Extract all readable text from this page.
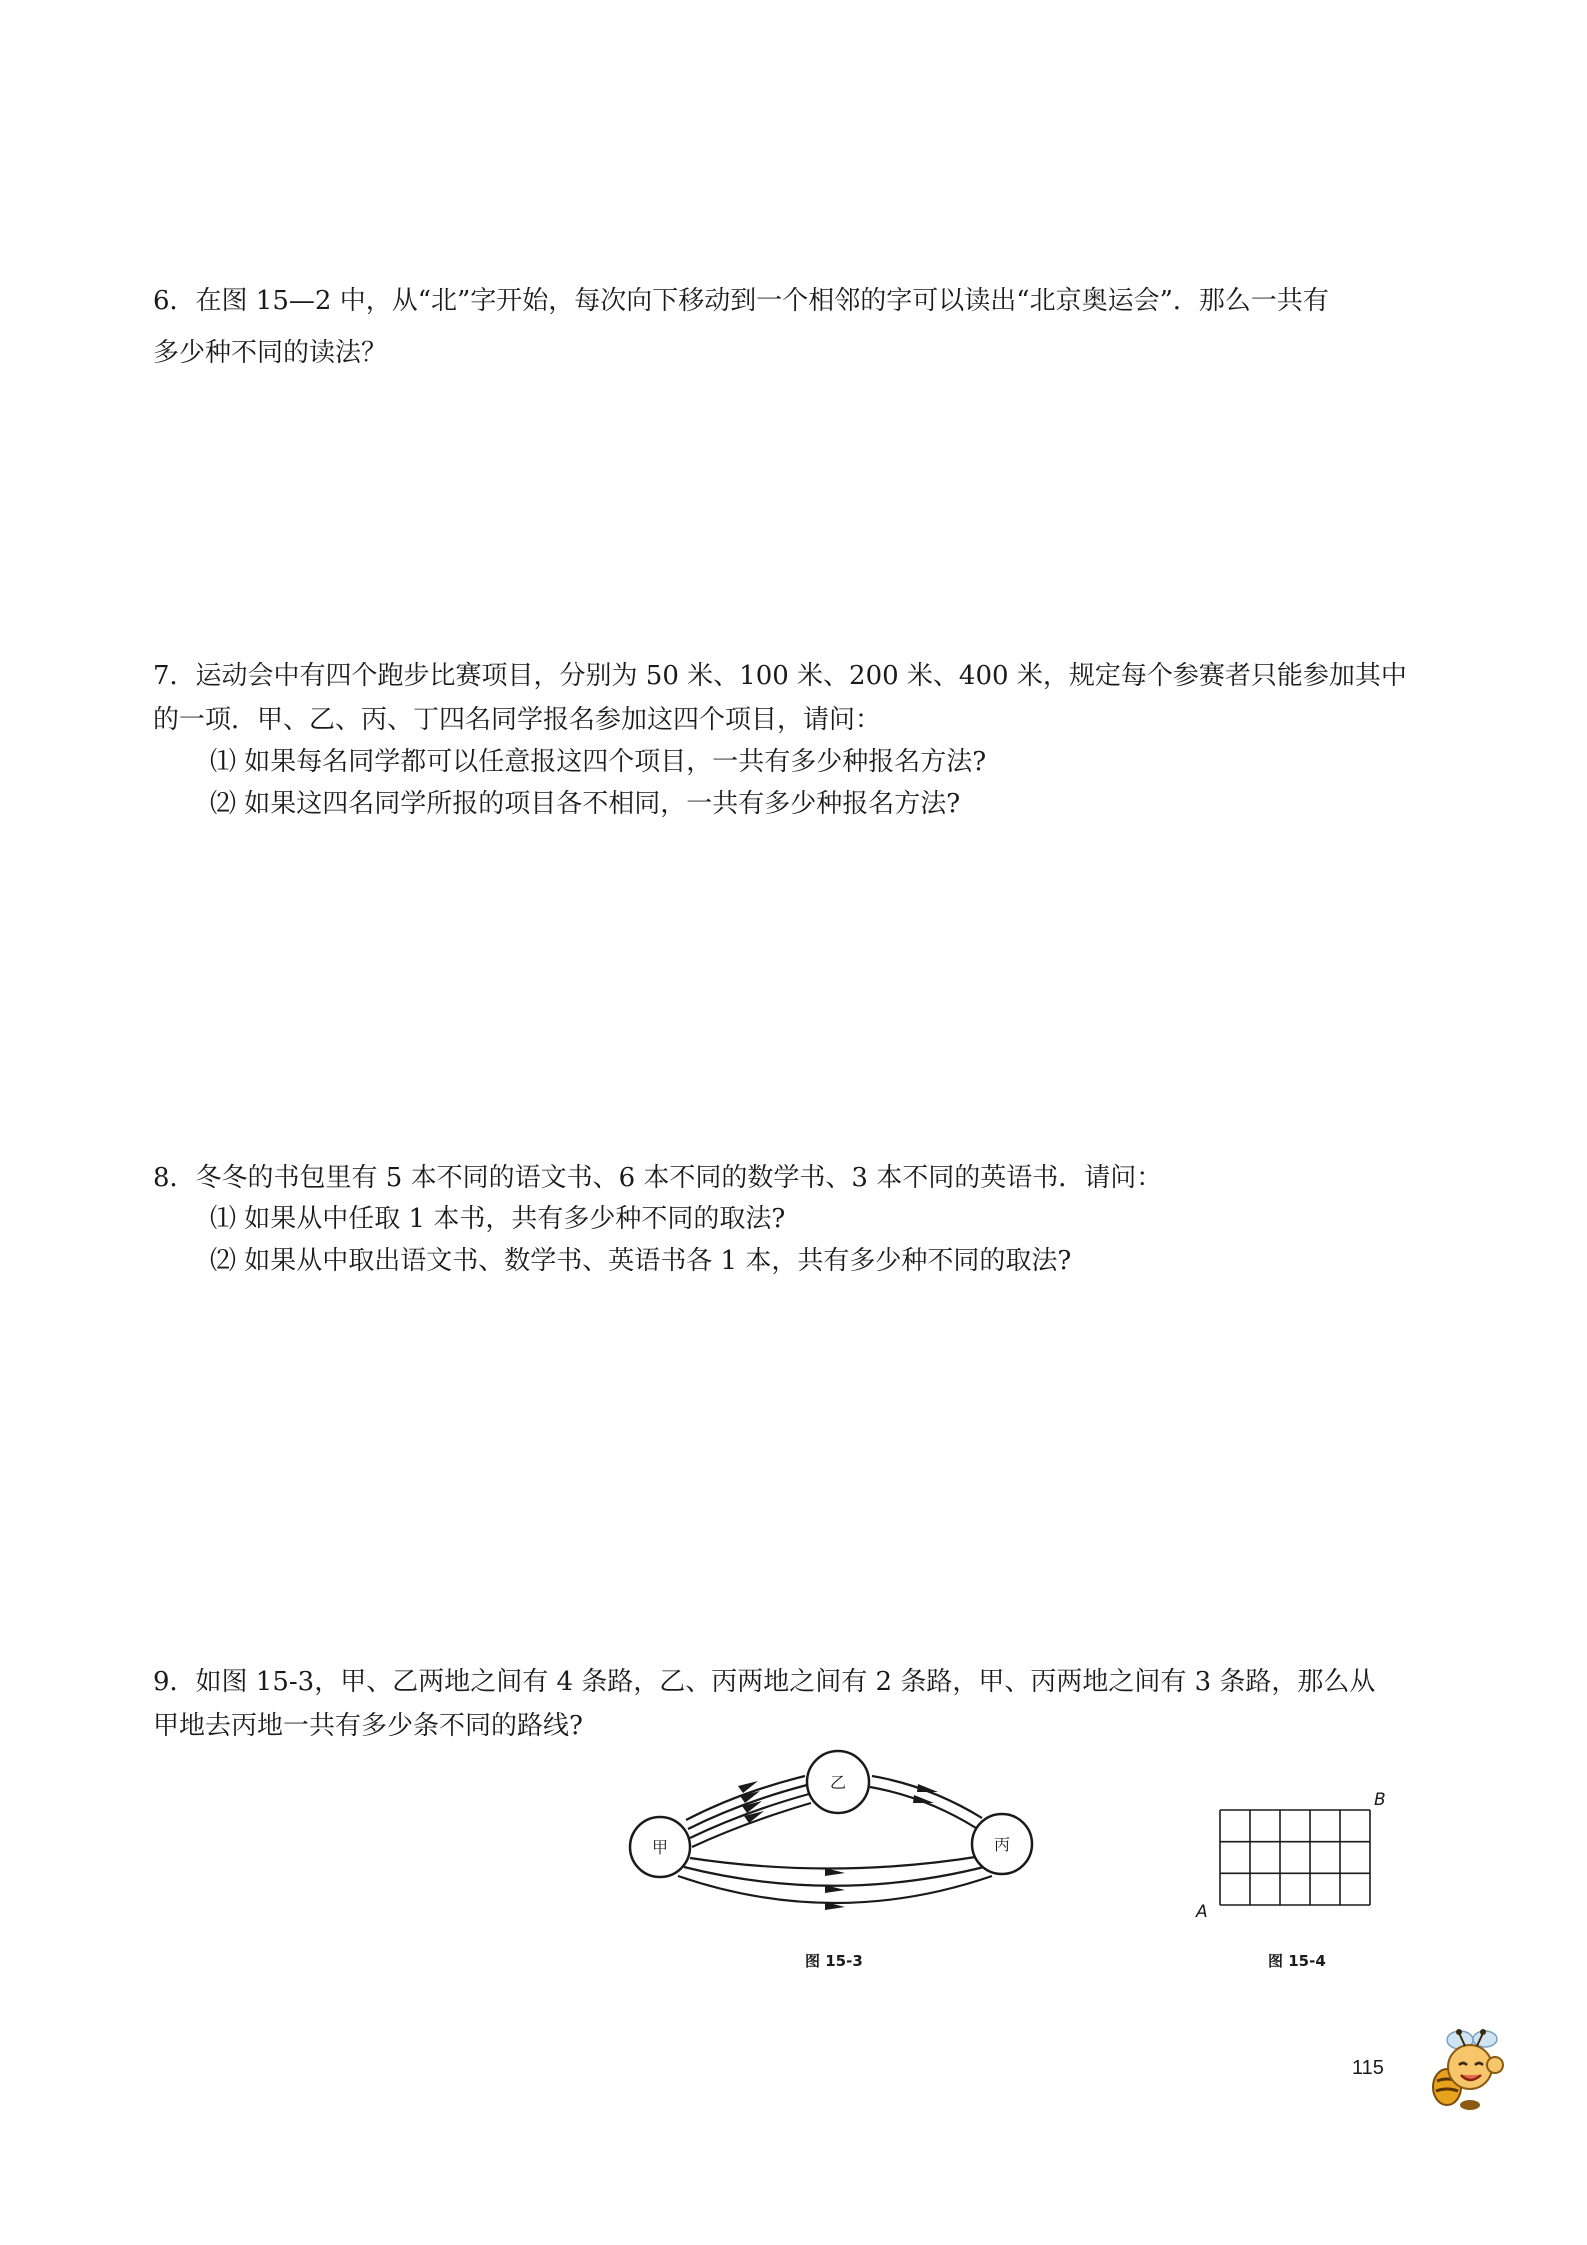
6．在图 15—2 中，从“北”字开始，每次向下移动到一个相邻的字可以读出“北京奥运会”．那么一共有

多少种不同的读法？

7．运动会中有四个跑步比赛项目，分别为 50 米、100 米、200 米、400 米，规定每个参赛者只能参加其中

的一项．甲、乙、丙、丁四名同学报名参加这四个项目，请问：

⑴ 如果每名同学都可以任意报这四个项目，一共有多少种报名方法?

⑵ 如果这四名同学所报的项目各不相同，一共有多少种报名方法?

8．冬冬的书包里有 5 本不同的语文书、6 本不同的数学书、3 本不同的英语书．请问：

⑴ 如果从中任取 1 本书，共有多少种不同的取法?

⑵ 如果从中取出语文书、数学书、英语书各 1 本，共有多少种不同的取法?

9．如图 15-3，甲、乙两地之间有 4 条路，乙、丙两地之间有 2 条路，甲、丙两地之间有 3 条路，那么从

甲地去丙地一共有多少条不同的路线?

甲
乙
丙
图 15-3
A
B
图 15-4
115
